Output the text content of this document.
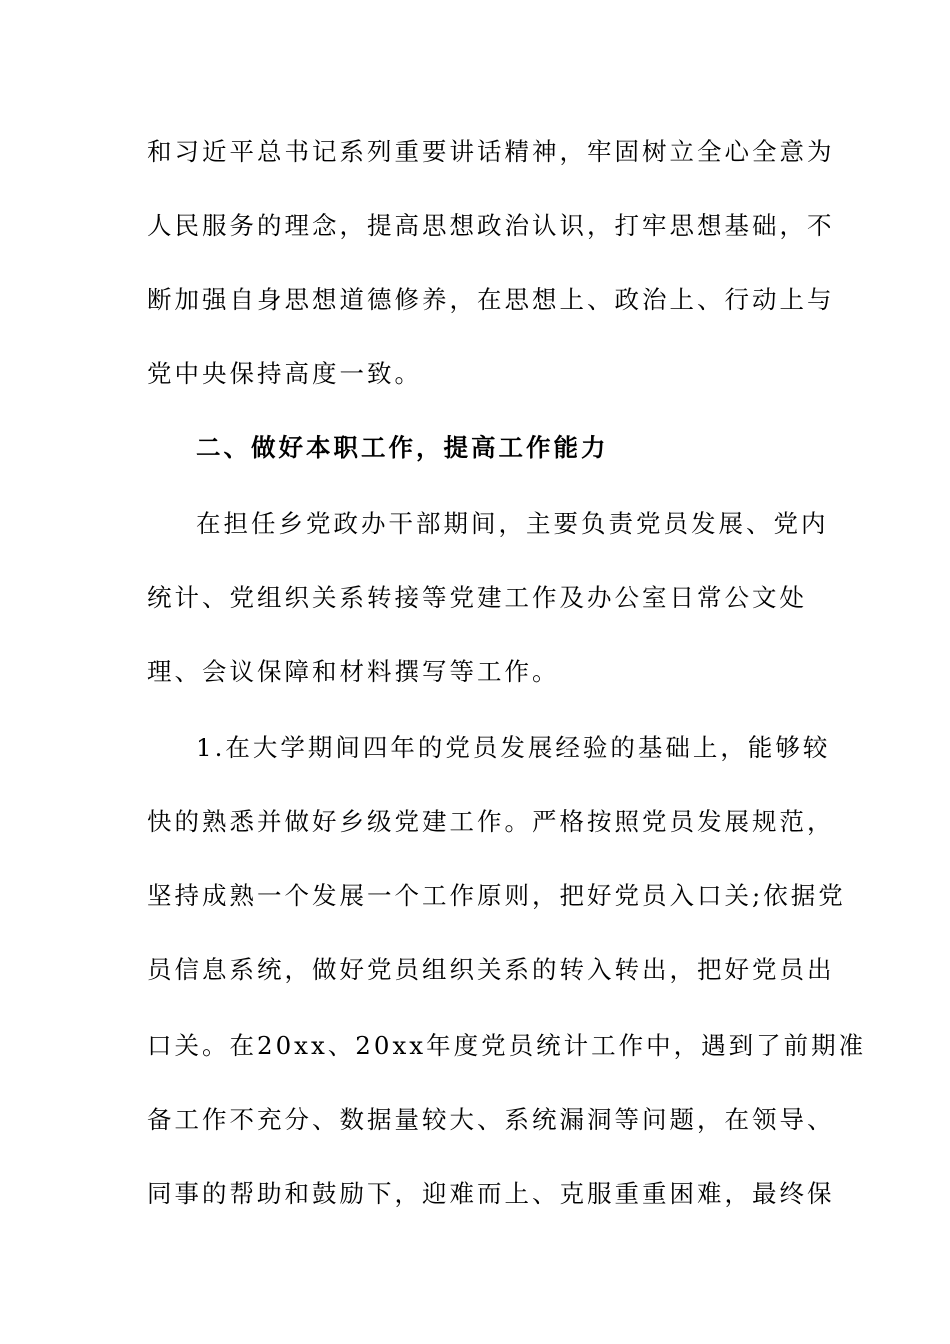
和习近平总书记系列重要讲话精神，牢固树立全心全意为
人民服务的理念，提高思想政治认识，打牢思想基础，不
断加强自身思想道德修养，在思想上、政治上、行动上与
党中央保持高度一致。
二、做好本职工作，提高工作能力
在担任乡党政办干部期间，主要负责党员发展、党内
统计、党组织关系转接等党建工作及办公室日常公文处
理、会议保障和材料撰写等工作。
1.在大学期间四年的党员发展经验的基础上，能够较
快的熟悉并做好乡级党建工作。严格按照党员发展规范，
坚持成熟一个发展一个工作原则，把好党员入口关;依据党
员信息系统，做好党员组织关系的转入转出，把好党员出
口关。在20xx、20xx年度党员统计工作中，遇到了前期准
备工作不充分、数据量较大、系统漏洞等问题，在领导、
同事的帮助和鼓励下，迎难而上、克服重重困难，最终保
